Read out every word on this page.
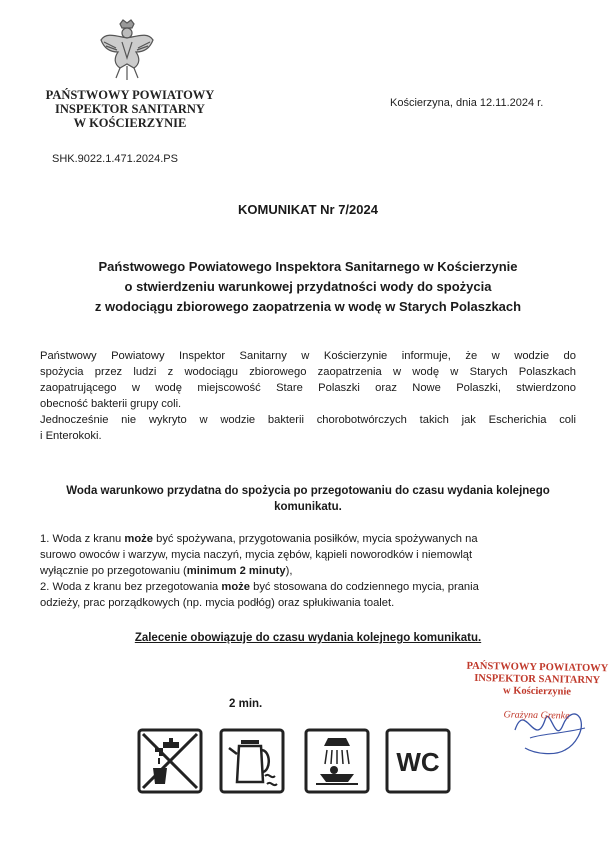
PAŃSTWOWY POWIATOWY
INSPEKTOR SANITARNY
W KOŚCIERZYNIE
Kościerzyna, dnia 12.11.2024 r.
SHK.9022.1.471.2024.PS
KOMUNIKAT Nr 7/2024
Państwowego Powiatowego Inspektora Sanitarnego w Kościerzynie
o stwierdzeniu warunkowej przydatności wody do spożycia
z wodociągu zbiorowego zaopatrzenia w wodę w Starych Polaszkach

Państwowy Powiatowy Inspektor Sanitarny w Kościerzynie informuje, że w wodzie do

spożycia przez ludzi z wodociągu zbiorowego zaopatrzenia w wodę w Starych Polaszkach

zaopatrującego w wodę miejscowość Stare Polaszki oraz Nowe Polaszki, stwierdzono

obecność bakterii grupy coli.

Jednocześnie nie wykryto w wodzie bakterii chorobotwórczych takich jak Escherichia coli

i Enterokoki.

Woda warunkowo przydatna do spożycia po przegotowaniu do czasu wydania kolejnego
komunikatu.

1. Woda z kranu może być spożywana, przygotowania posiłków, mycia spożywanych na

surowo owoców i warzyw, mycia naczyń, mycia zębów, kąpieli noworodków i niemowląt

wyłącznie po przegotowaniu (minimum 2 minuty),

2. Woda z kranu bez przegotowania może być stosowana do codziennego mycia, prania

odzieży, prac porządkowych (np. mycia podłóg) oraz spłukiwania toalet.

Zalecenie obowiązuje do czasu wydania kolejnego komunikatu.
PAŃSTWOWY POWIATOWY
INSPEKTOR SANITARNY
w Kościerzynie
Grażyna Grenke
2 min.
WC
